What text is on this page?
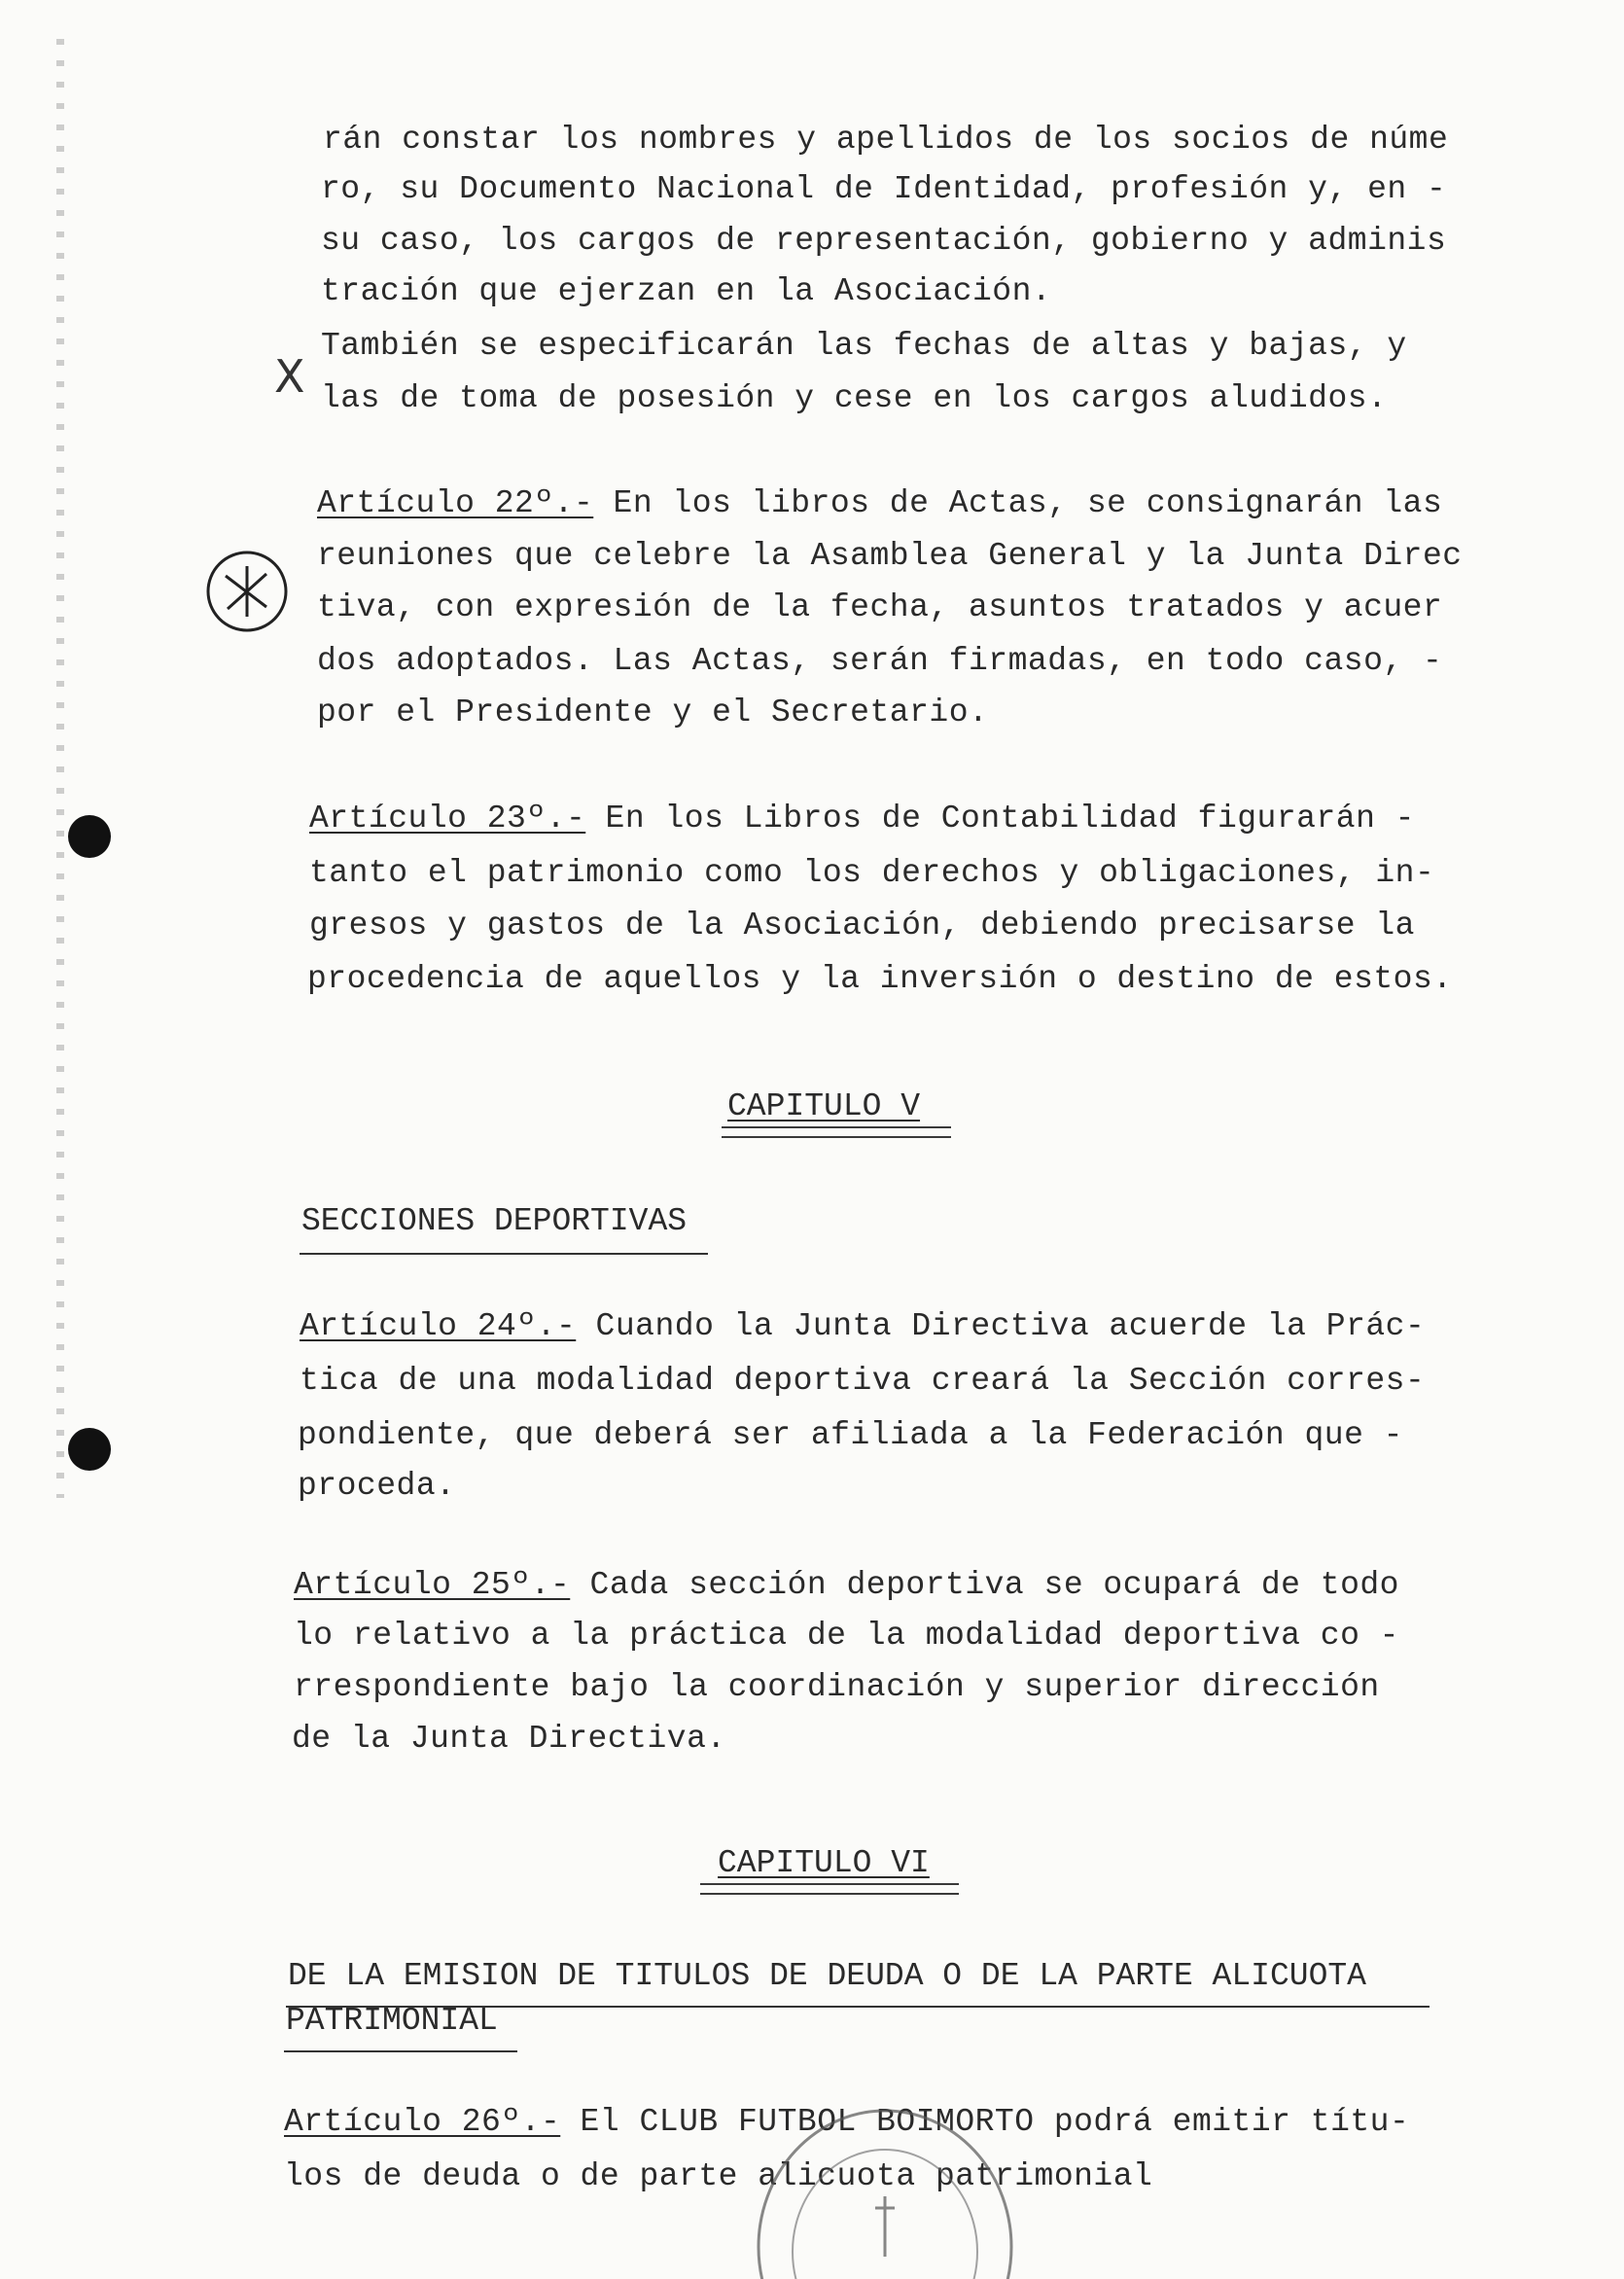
rán constar los nombres y apellidos de los socios de núme
ro, su Documento Nacional de Identidad, profesión y, en -
su caso, los cargos de representación, gobierno y adminis
tración que ejerzan en la Asociación.
También se especificarán las fechas de altas y bajas, y
las de toma de posesión y cese en los cargos aludidos.
X
Artículo 22º.- En los libros de Actas, se consignarán las
reuniones que celebre la Asamblea General y la Junta Direc
tiva, con expresión de la fecha, asuntos tratados y acuer
dos adoptados. Las Actas, serán firmadas, en todo caso, -
por el Presidente y el Secretario.
Artículo 23º.- En los Libros de Contabilidad figurarán -
tanto el patrimonio como los derechos y obligaciones, in-
gresos y gastos de la Asociación, debiendo precisarse la
procedencia de aquellos y la inversión o destino de estos.
CAPITULO V
SECCIONES DEPORTIVAS
Artículo 24º.- Cuando la Junta Directiva acuerde la Prác-
tica de una modalidad deportiva creará la Sección corres-
pondiente, que deberá ser afiliada a la Federación que -
proceda.
Artículo 25º.- Cada sección deportiva se ocupará de todo
lo relativo a la práctica de la modalidad deportiva co -
rrespondiente bajo la coordinación y superior dirección
de la Junta Directiva.
CAPITULO VI
DE LA EMISION DE TITULOS DE DEUDA O DE LA PARTE ALICUOTA
PATRIMONIAL
Artículo 26º.- El CLUB FUTBOL BOIMORTO podrá emitir títu-
los de deuda o de parte alicuota patrimonial
